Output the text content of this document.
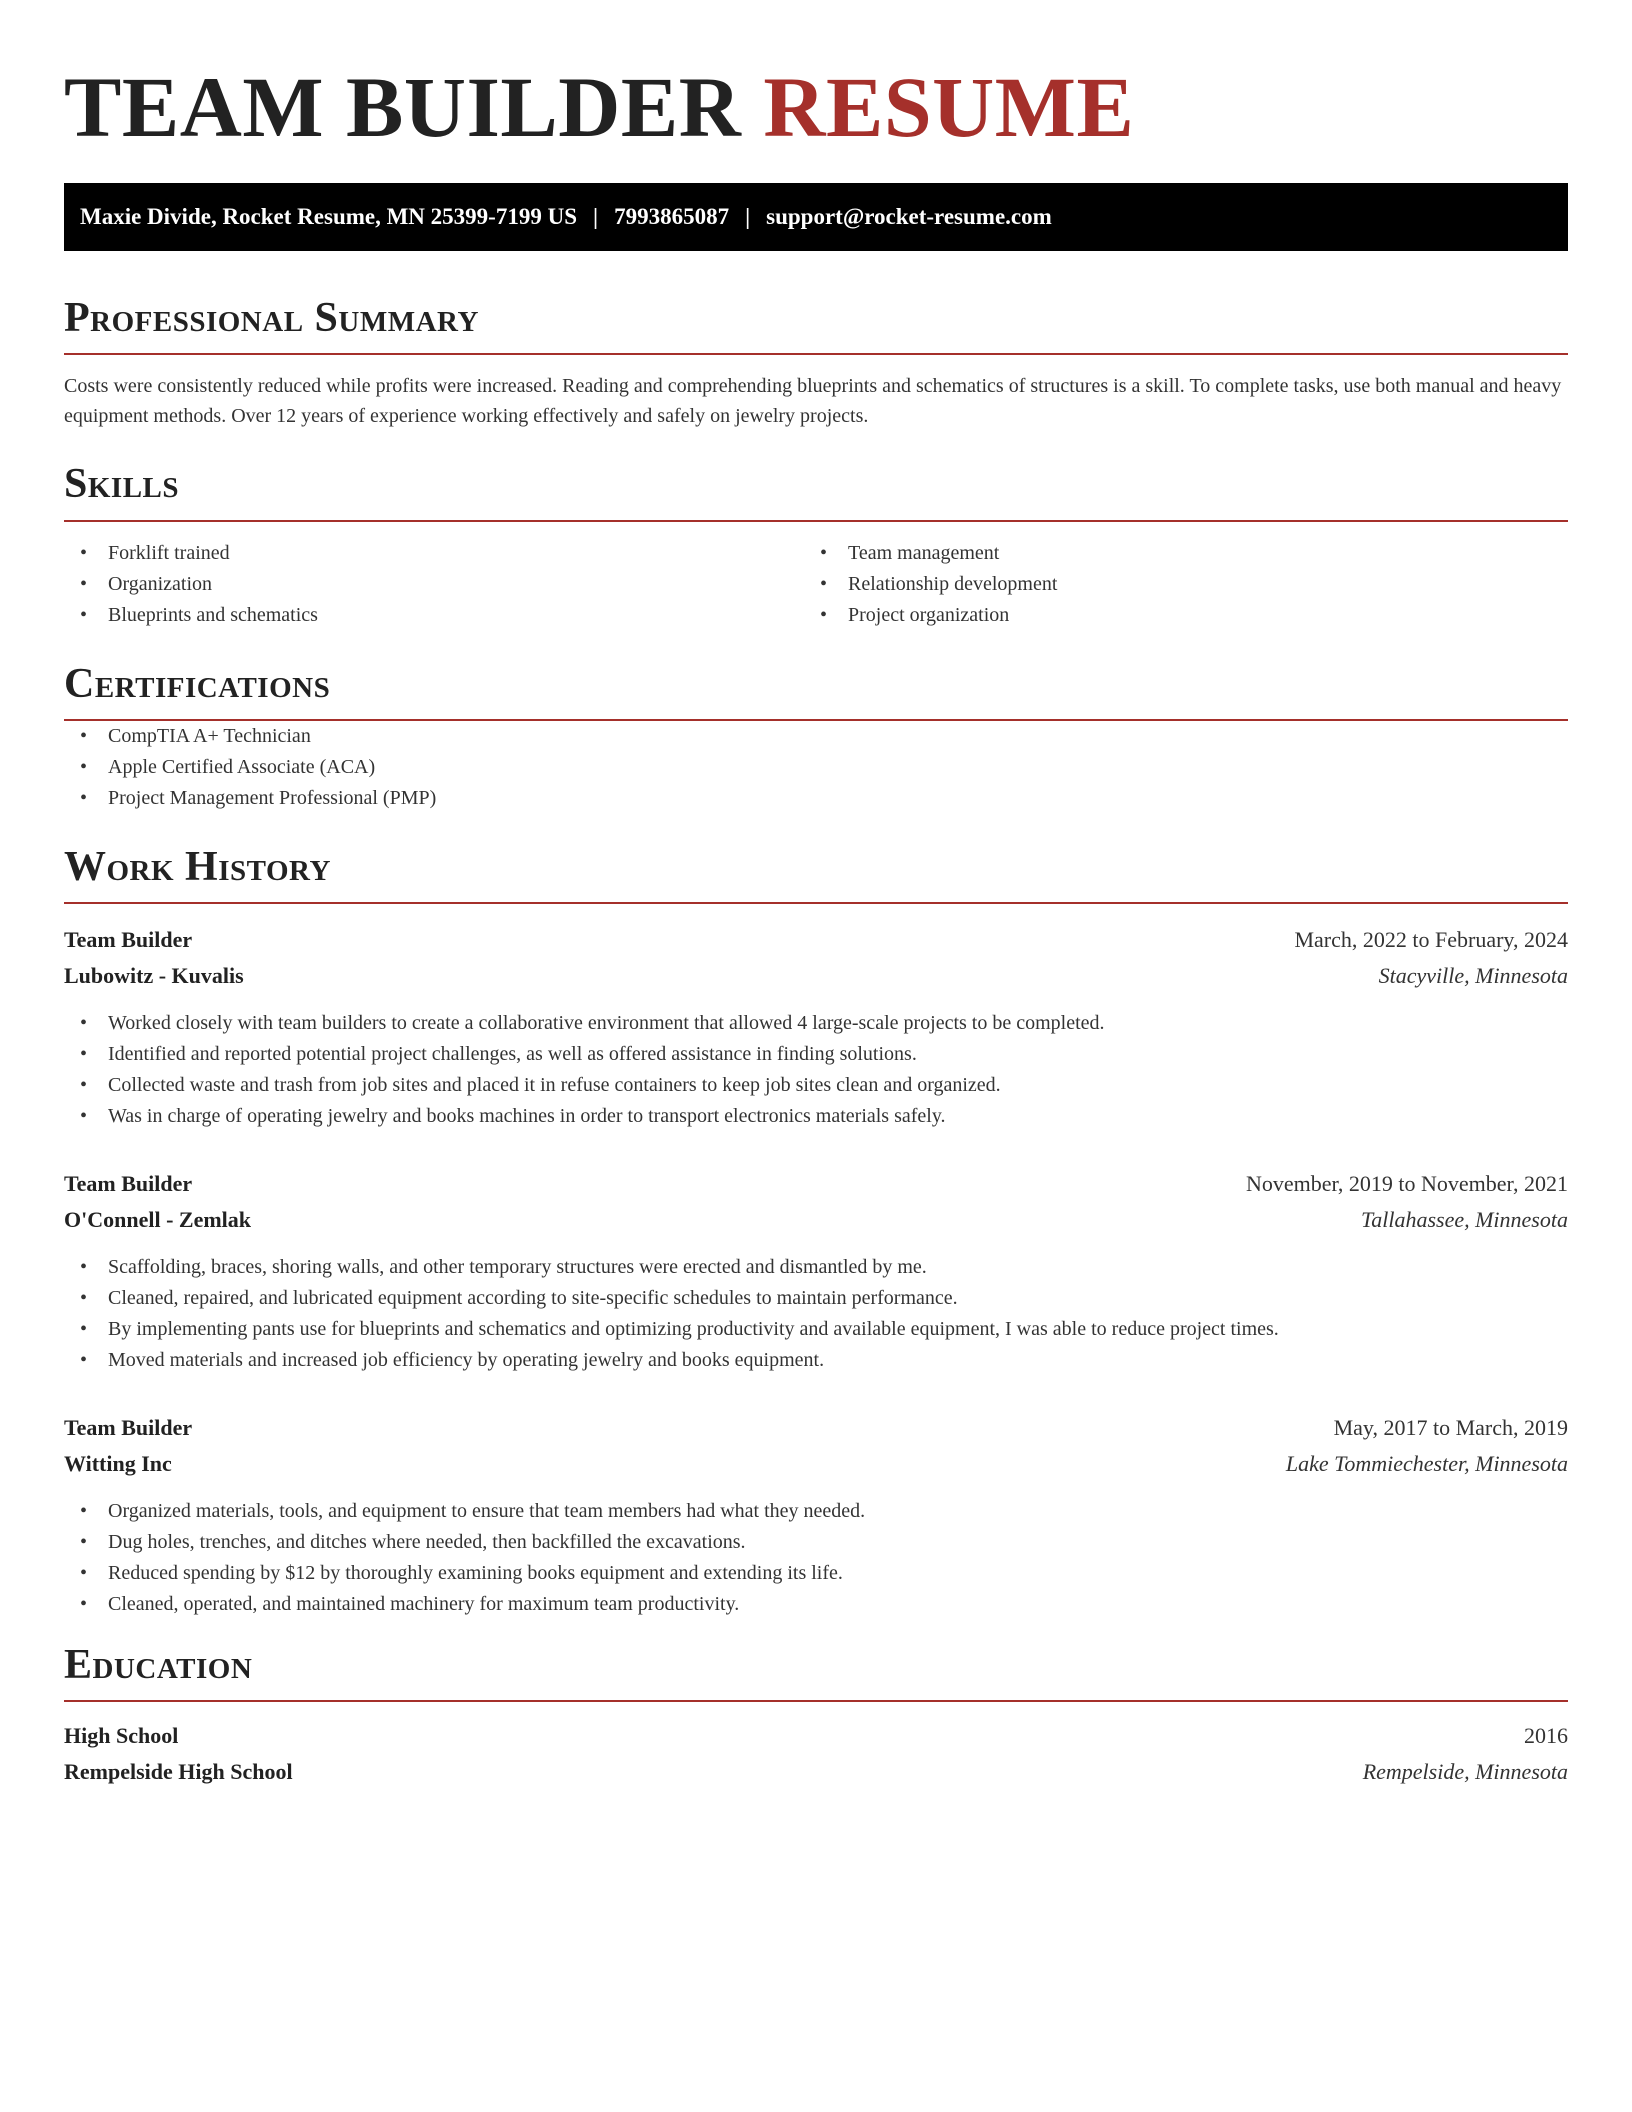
TEAM BUILDER RESUME
Maxie Divide, Rocket Resume, MN 25399-7199 US | 7993865087 | support@rocket-resume.com
Professional Summary
Costs were consistently reduced while profits were increased. Reading and comprehending blueprints and schematics of structures is a skill. To complete tasks, use both manual and heavy equipment methods. Over 12 years of experience working effectively and safely on jewelry projects.
Skills
• Forklift trained
• Organization
• Blueprints and schematics
• Team management
• Relationship development
• Project organization
Certifications
• CompTIA A+ Technician
• Apple Certified Associate (ACA)
• Project Management Professional (PMP)
Work History
Team Builder	March, 2022 to February, 2024
Lubowitz - Kuvalis	Stacyville, Minnesota
• Worked closely with team builders to create a collaborative environment that allowed 4 large-scale projects to be completed.
• Identified and reported potential project challenges, as well as offered assistance in finding solutions.
• Collected waste and trash from job sites and placed it in refuse containers to keep job sites clean and organized.
• Was in charge of operating jewelry and books machines in order to transport electronics materials safely.
Team Builder	November, 2019 to November, 2021
O'Connell - Zemlak	Tallahassee, Minnesota
• Scaffolding, braces, shoring walls, and other temporary structures were erected and dismantled by me.
• Cleaned, repaired, and lubricated equipment according to site-specific schedules to maintain performance.
• By implementing pants use for blueprints and schematics and optimizing productivity and available equipment, I was able to reduce project times.
• Moved materials and increased job efficiency by operating jewelry and books equipment.
Team Builder	May, 2017 to March, 2019
Witting Inc	Lake Tommiechester, Minnesota
• Organized materials, tools, and equipment to ensure that team members had what they needed.
• Dug holes, trenches, and ditches where needed, then backfilled the excavations.
• Reduced spending by $12 by thoroughly examining books equipment and extending its life.
• Cleaned, operated, and maintained machinery for maximum team productivity.
Education
High School	2016
Rempelside High School	Rempelside, Minnesota
